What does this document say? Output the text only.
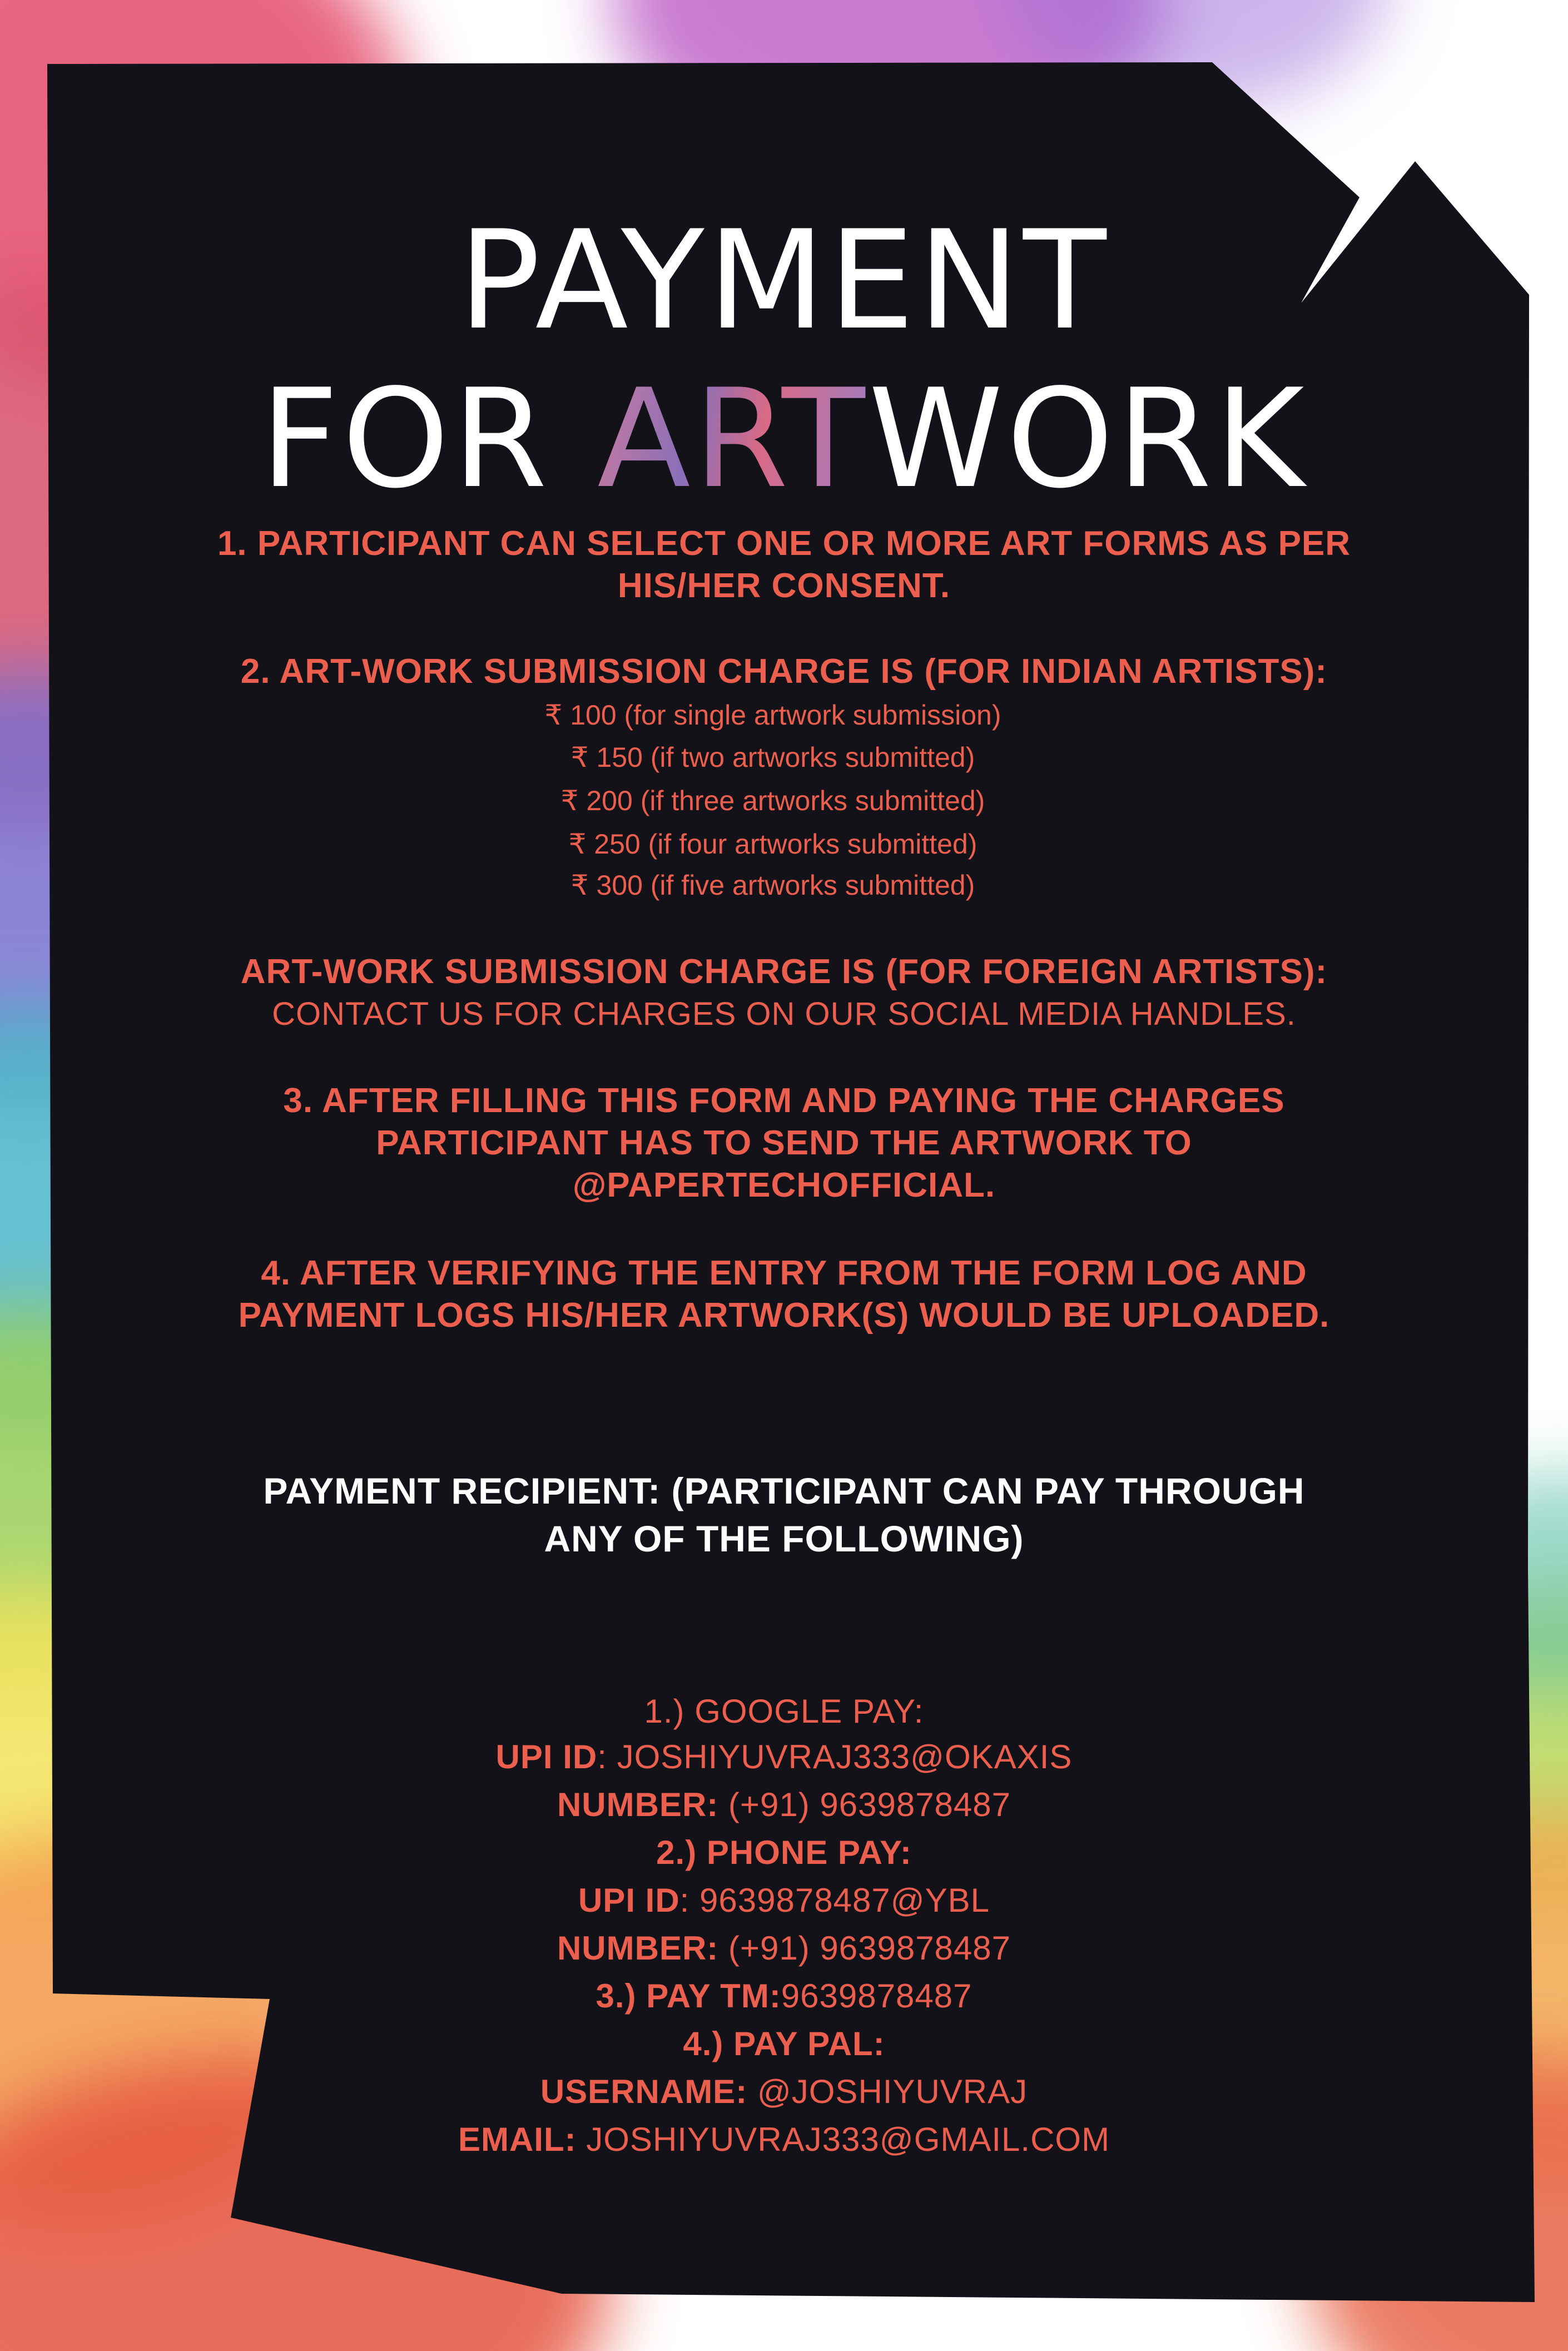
PAYMENT
FOR ARTWORK

1. PARTICIPANT CAN SELECT ONE OR MORE ART FORMS AS PER

HIS/HER CONSENT.

2. ART-WORK SUBMISSION CHARGE IS (FOR INDIAN ARTISTS):

₹ 100 (for single artwork submission)

₹ 150 (if two artworks submitted)

₹ 200 (if three artworks submitted)

₹ 250 (if four artworks submitted)

₹ 300 (if five artworks submitted)

ART-WORK SUBMISSION CHARGE IS (FOR FOREIGN ARTISTS):

CONTACT US FOR CHARGES ON OUR SOCIAL MEDIA HANDLES.

3. AFTER FILLING THIS FORM AND PAYING THE CHARGES

PARTICIPANT HAS TO SEND THE ARTWORK TO

@PAPERTECHOFFICIAL.

4. AFTER VERIFYING THE ENTRY FROM THE FORM LOG AND

PAYMENT LOGS HIS/HER ARTWORK(S) WOULD BE UPLOADED.

PAYMENT RECIPIENT: (PARTICIPANT CAN PAY THROUGH

ANY OF THE FOLLOWING)

1.) GOOGLE PAY:

UPI ID: JOSHIYUVRAJ333@OKAXIS

NUMBER: (+91) 9639878487

2.) PHONE PAY:

UPI ID: 9639878487@YBL

NUMBER: (+91) 9639878487

3.) PAY TM:9639878487

4.) PAY PAL:

USERNAME: @JOSHIYUVRAJ

EMAIL: JOSHIYUVRAJ333@GMAIL.COM
